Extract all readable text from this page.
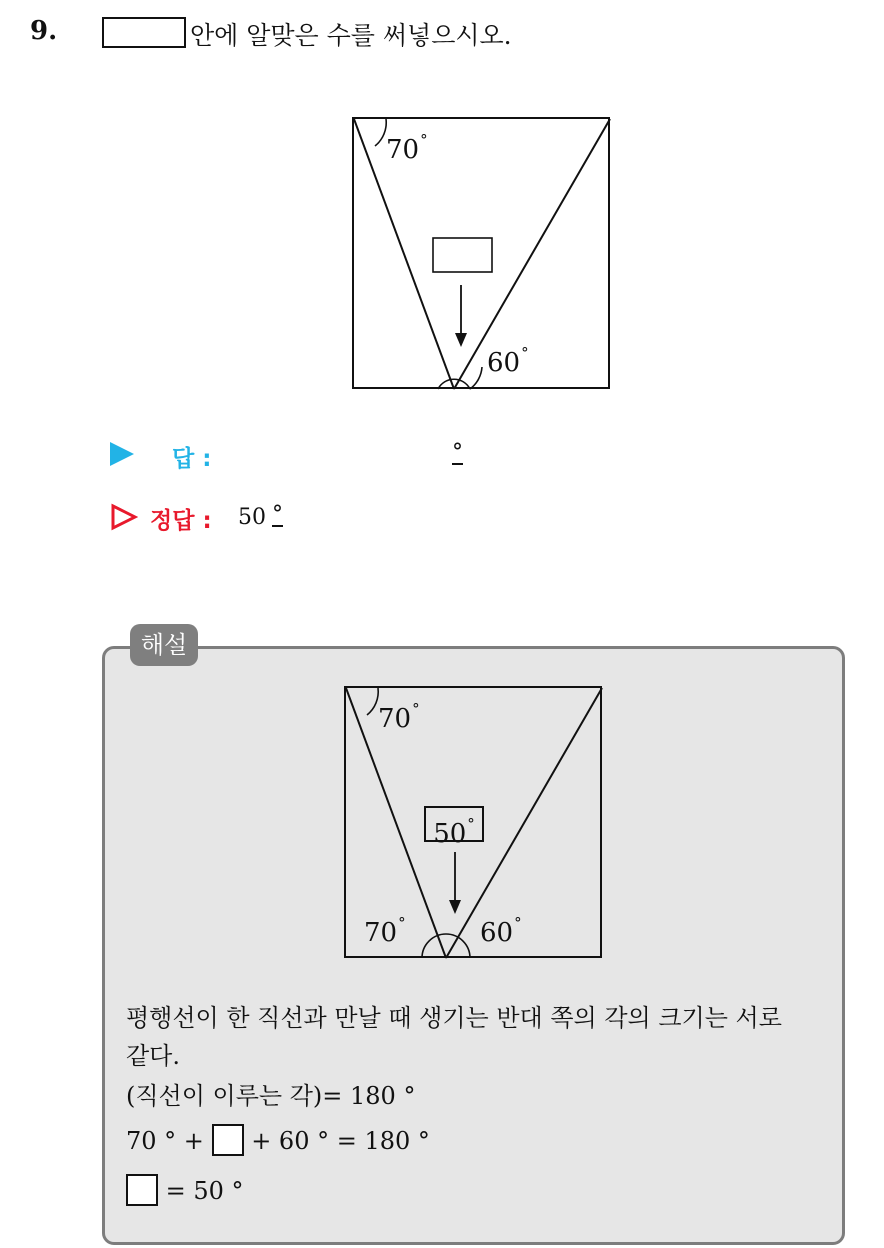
9.	안에 알맞은 수를 써넣으시오.
70°
60°
답 :	°
정답 : 50 °
해설
70°
50°
70°	60°
평행선이 한 직선과 만날 때 생기는 반대 쪽의 각의 크기는 서로
같다.
(직선이 이루는 각)= 180 °
70 ° + + 60 ° = 180 °
= 50 °
